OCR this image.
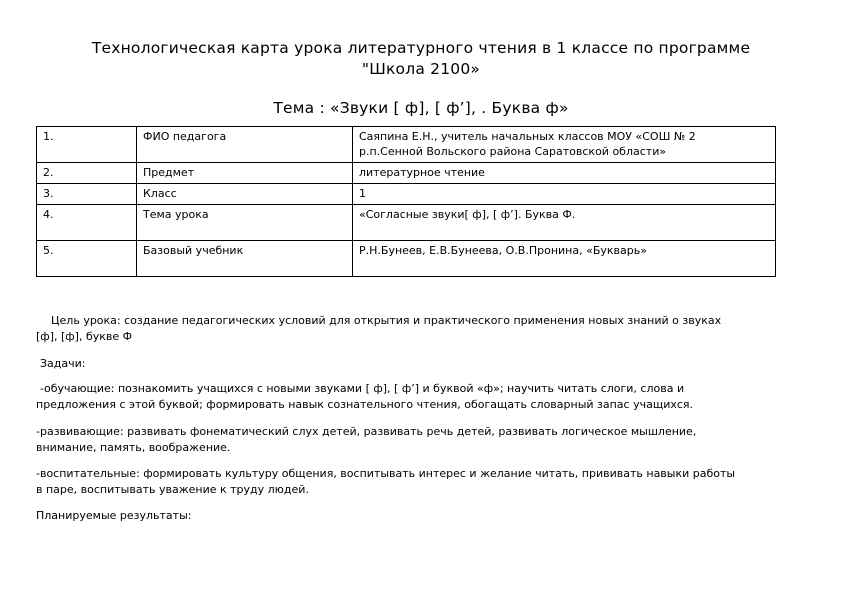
Технологическая карта урока литературного чтения в 1 классе по программе
"Школа 2100»
Тема : «Звуки [ ф], [ ф’], . Буква ф»
1.	ФИО педагога	Саяпина Е.Н., учитель начальных классов МОУ «СОШ № 2
р.п.Сенной Вольского района Саратовской области»

2.	Предмет	литературное чтение
3.	Класс	1
4.	Тема урока	«Согласные звуки[ ф], [ ф’]. Буква Ф.
5.	Базовый учебник	Р.Н.Бунеев, Е.В.Бунеева, О.В.Пронина, «Букварь»
Цель урока: создание педагогических условий для открытия и практического применения новых знаний о звуках
[ф], [ф], букве Ф
Задачи:
-обучающие: познакомить учащихся с новыми звуками [ ф], [ ф’] и буквой «ф»; научить читать слоги, слова и
предложения с этой буквой; формировать навык сознательного чтения, обогащать словарный запас учащихся.
-развивающие: развивать фонематический слух детей, развивать речь детей, развивать логическое мышление,
внимание, память, воображение.
-воспитательные: формировать культуру общения, воспитывать интерес и желание читать, прививать навыки работы
в паре, воспитывать уважение к труду людей.
Планируемые результаты:
